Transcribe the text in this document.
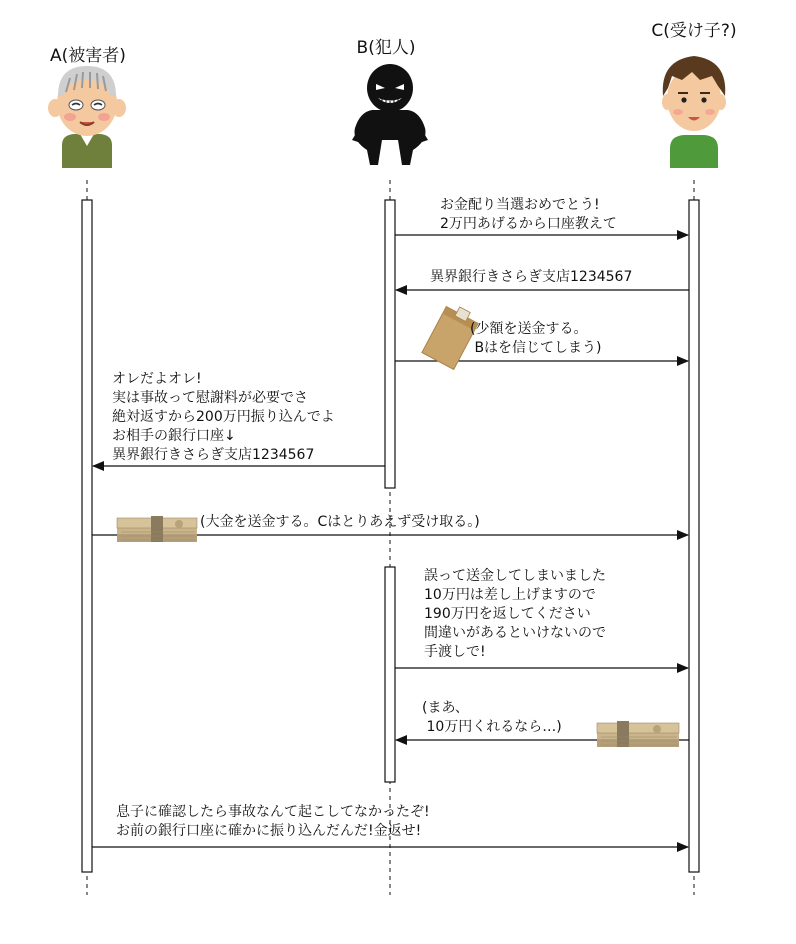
A(被害者)	B(犯人)
C(受け子?)
お金配り当選おめでとう!
2万円あげるから口座教えて
異界銀行きさらぎ支店1234567
(少額を送金する。
Bはを信じてしまう)
オレだよオレ!
実は事故って慰謝料が必要でさ
絶対返すから200万円振り込んでよ
お相手の銀行口座↓
異界銀行きさらぎ支店1234567
(大金を送金する。Cはとりあえず受け取る。)
誤って送金してしまいました
10万円は差し上げますので
190万円を返してください
間違いがあるといけないので
手渡しで!
(まあ、
10万円くれるなら…)
息子に確認したら事故なんて起こしてなかったぞ!
お前の銀行口座に確かに振り込んだんだ!金返せ!
